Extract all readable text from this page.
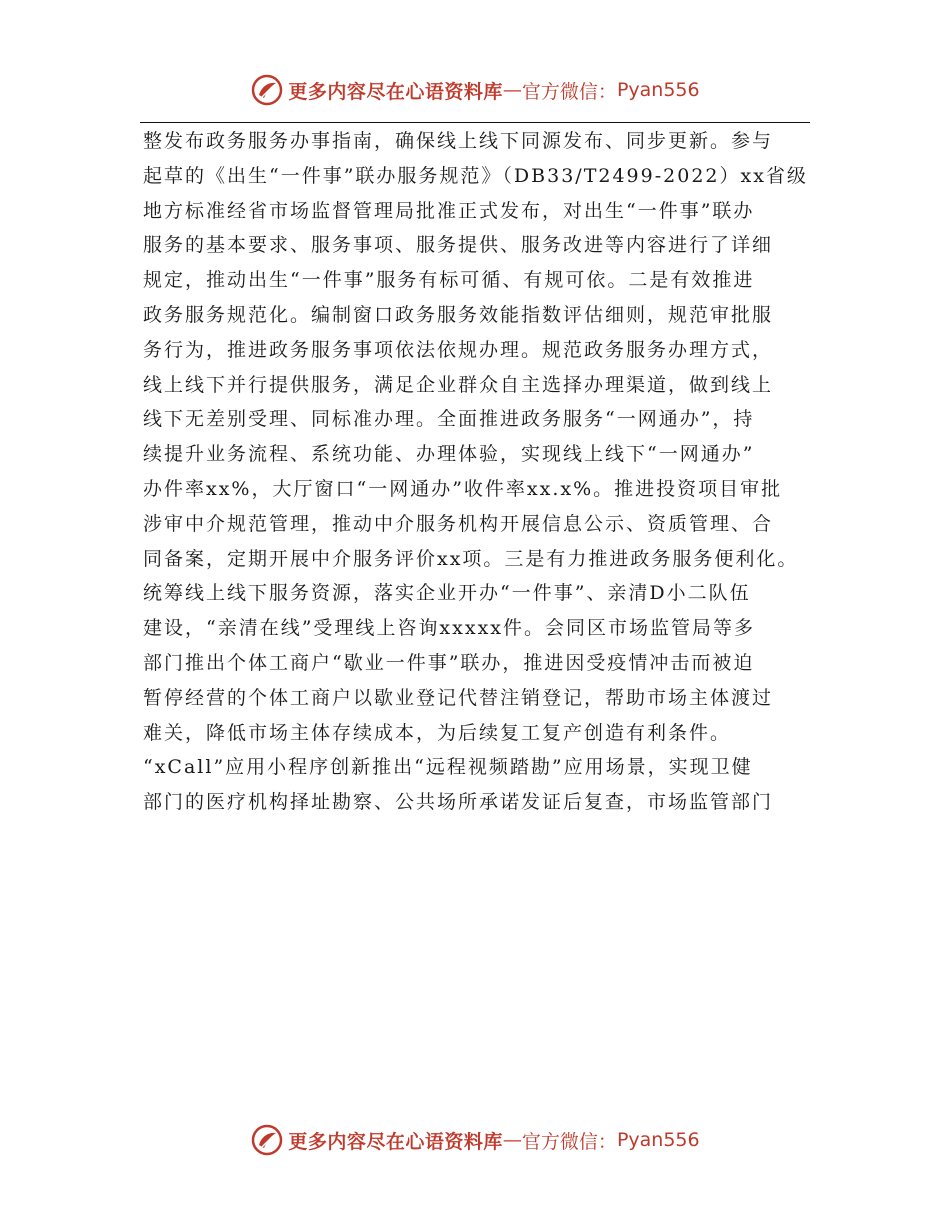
更多内容尽在心语资料库 — 官方微信： Pyan556
整发布政务服务办事指南，确保线上线下同源发布、同步更新。参与
起草的《出生“一件事”联办服务规范》（DB33/T2499-2022）xx省级
地方标准经省市场监督管理局批准正式发布，对出生“一件事”联办
服务的基本要求、服务事项、服务提供、服务改进等内容进行了详细
规定，推动出生“一件事”服务有标可循、有规可依。二是有效推进
政务服务规范化。编制窗口政务服务效能指数评估细则，规范审批服
务行为，推进政务服务事项依法依规办理。规范政务服务办理方式，
线上线下并行提供服务，满足企业群众自主选择办理渠道，做到线上
线下无差别受理、同标准办理。全面推进政务服务“一网通办”，持
续提升业务流程、系统功能、办理体验，实现线上线下“一网通办”
办件率xx%，大厅窗口“一网通办”收件率xx.x%。推进投资项目审批
涉审中介规范管理，推动中介服务机构开展信息公示、资质管理、合
同备案，定期开展中介服务评价xx项。三是有力推进政务服务便利化。
统筹线上线下服务资源，落实企业开办“一件事”、亲清D小二队伍
建设，“亲清在线”受理线上咨询xxxxx件。会同区市场监管局等多
部门推出个体工商户“歇业一件事”联办，推进因受疫情冲击而被迫
暂停经营的个体工商户以歇业登记代替注销登记，帮助市场主体渡过
难关，降低市场主体存续成本，为后续复工复产创造有利条件。
“xCall”应用小程序创新推出“远程视频踏勘”应用场景，实现卫健
部门的医疗机构择址勘察、公共场所承诺发证后复查，市场监管部门
更多内容尽在心语资料库 — 官方微信： Pyan556
